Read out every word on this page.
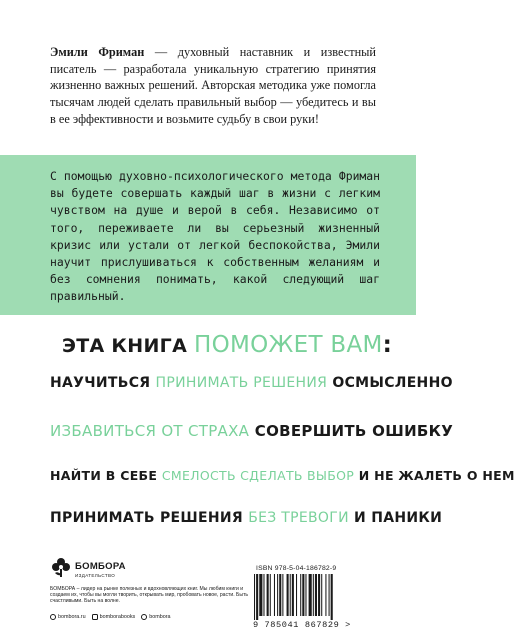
Эмили Фриман — духовный наставник и известный писатель — разработала уникальную стратегию принятия жизненно важных решений. Авторская методика уже помогла тысячам людей сделать правильный выбор — убедитесь и вы в ее эффективности и возьмите судьбу в свои руки!

С помощью духовно-психологического метода Фриман вы будете совершать каждый шаг в жизни с легким чувством на душе и верой в себя. Независимо от того, переживаете ли вы серьезный жизненный кризис или устали от легкой беспокойства, Эмили научит прислушиваться к собственным желаниям и без сомнения понимать, какой следующий шаг правильный.

ЭТА КНИГА ПОМОЖЕТ ВАМ:
НАУЧИТЬСЯ ПРИНИМАТЬ РЕШЕНИЯ ОСМЫСЛЕННО
ИЗБАВИТЬСЯ ОТ СТРАХА СОВЕРШИТЬ ОШИБКУ
НАЙТИ В СЕБЕ СМЕЛОСТЬ СДЕЛАТЬ ВЫБОР И НЕ ЖАЛЕТЬ О НЕМ
ПРИНИМАТЬ РЕШЕНИЯ БЕЗ ТРЕВОГИ И ПАНИКИ
БОМБОРА
ИЗДАТЕЛЬСТВО

БОМБОРА – лидер на рынке полезных и вдохновляющих книг. Мы любим книги и создаем их, чтобы вы могли творить, открывать мир, пробовать новое, расти. Быть счастливыми. Быть на волне.

bombora.ru	bomborabooks	bombora
ISBN 978-5-04-186782-9
9 785041 867829 >
